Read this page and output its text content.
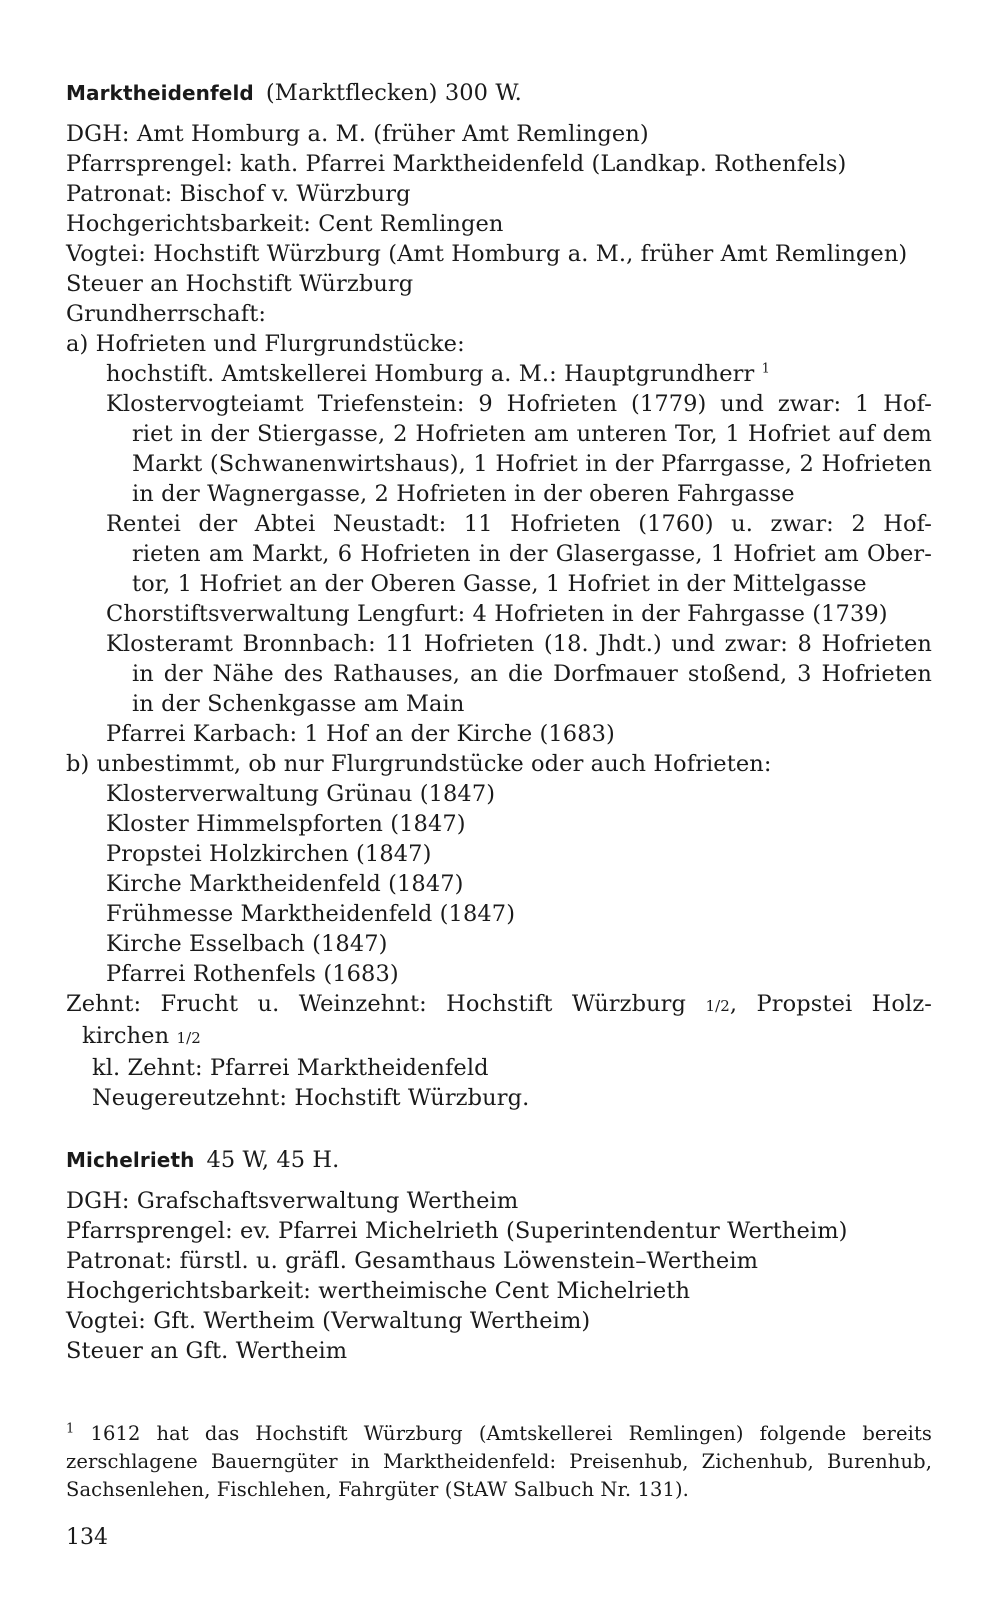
Marktheidenfeld (Marktflecken) 300 W.
DGH: Amt Homburg a. M. (früher Amt Remlingen)
Pfarrsprengel: kath. Pfarrei Marktheidenfeld (Landkap. Rothenfels)
Patronat: Bischof v. Würzburg
Hochgerichtsbarkeit: Cent Remlingen
Vogtei: Hochstift Würzburg (Amt Homburg a. M., früher Amt Remlingen)
Steuer an Hochstift Würzburg
Grundherrschaft:
a) Hofrieten und Flurgrundstücke:
hochstift. Amtskellerei Homburg a. M.: Hauptgrundherr $^1$
Klostervogteiamt Triefenstein: 9 Hofrieten (1779) und zwar: 1 Hof-
riet in der Stiergasse, 2 Hofrieten am unteren Tor, 1 Hofriet auf dem
Markt (Schwanenwirtshaus), 1 Hofriet in der Pfarrgasse, 2 Hofrieten
in der Wagnergasse, 2 Hofrieten in der oberen Fahrgasse
Rentei der Abtei Neustadt: 11 Hofrieten (1760) u. zwar: 2 Hof-
rieten am Markt, 6 Hofrieten in der Glasergasse, 1 Hofriet am Ober-
tor, 1 Hofriet an der Oberen Gasse, 1 Hofriet in der Mittelgasse
Chorstiftsverwaltung Lengfurt: 4 Hofrieten in der Fahrgasse (1739)
Klosteramt Bronnbach: 11 Hofrieten (18. Jhdt.) und zwar: 8 Hofrieten
in der Nähe des Rathauses, an die Dorfmauer stoßend, 3 Hofrieten
in der Schenkgasse am Main
Pfarrei Karbach: 1 Hof an der Kirche (1683)
b) unbestimmt, ob nur Flurgrundstücke oder auch Hofrieten:
Klosterverwaltung Grünau (1847)
Kloster Himmelspforten (1847)
Propstei Holzkirchen (1847)
Kirche Marktheidenfeld (1847)
Frühmesse Marktheidenfeld (1847)
Kirche Esselbach (1847)
Pfarrei Rothenfels (1683)
Zehnt: Frucht u. Weinzehnt: Hochstift Würzburg 1/2, Propstei Holz-
kirchen 1/2
kl. Zehnt: Pfarrei Marktheidenfeld
Neugereutzehnt: Hochstift Würzburg.
Michelrieth 45 W, 45 H.
DGH: Grafschaftsverwaltung Wertheim
Pfarrsprengel: ev. Pfarrei Michelrieth (Superintendentur Wertheim)
Patronat: fürstl. u. gräfl. Gesamthaus Löwenstein–Wertheim
Hochgerichtsbarkeit: wertheimische Cent Michelrieth
Vogtei: Gft. Wertheim (Verwaltung Wertheim)
Steuer an Gft. Wertheim
$^1$ 1612 hat das Hochstift Würzburg (Amtskellerei Remlingen) folgende bereits
zerschlagene Bauerngüter in Marktheidenfeld: Preisenhub, Zichenhub, Burenhub,
Sachsenlehen, Fischlehen, Fahrgüter (StAW Salbuch Nr. 131).
134
